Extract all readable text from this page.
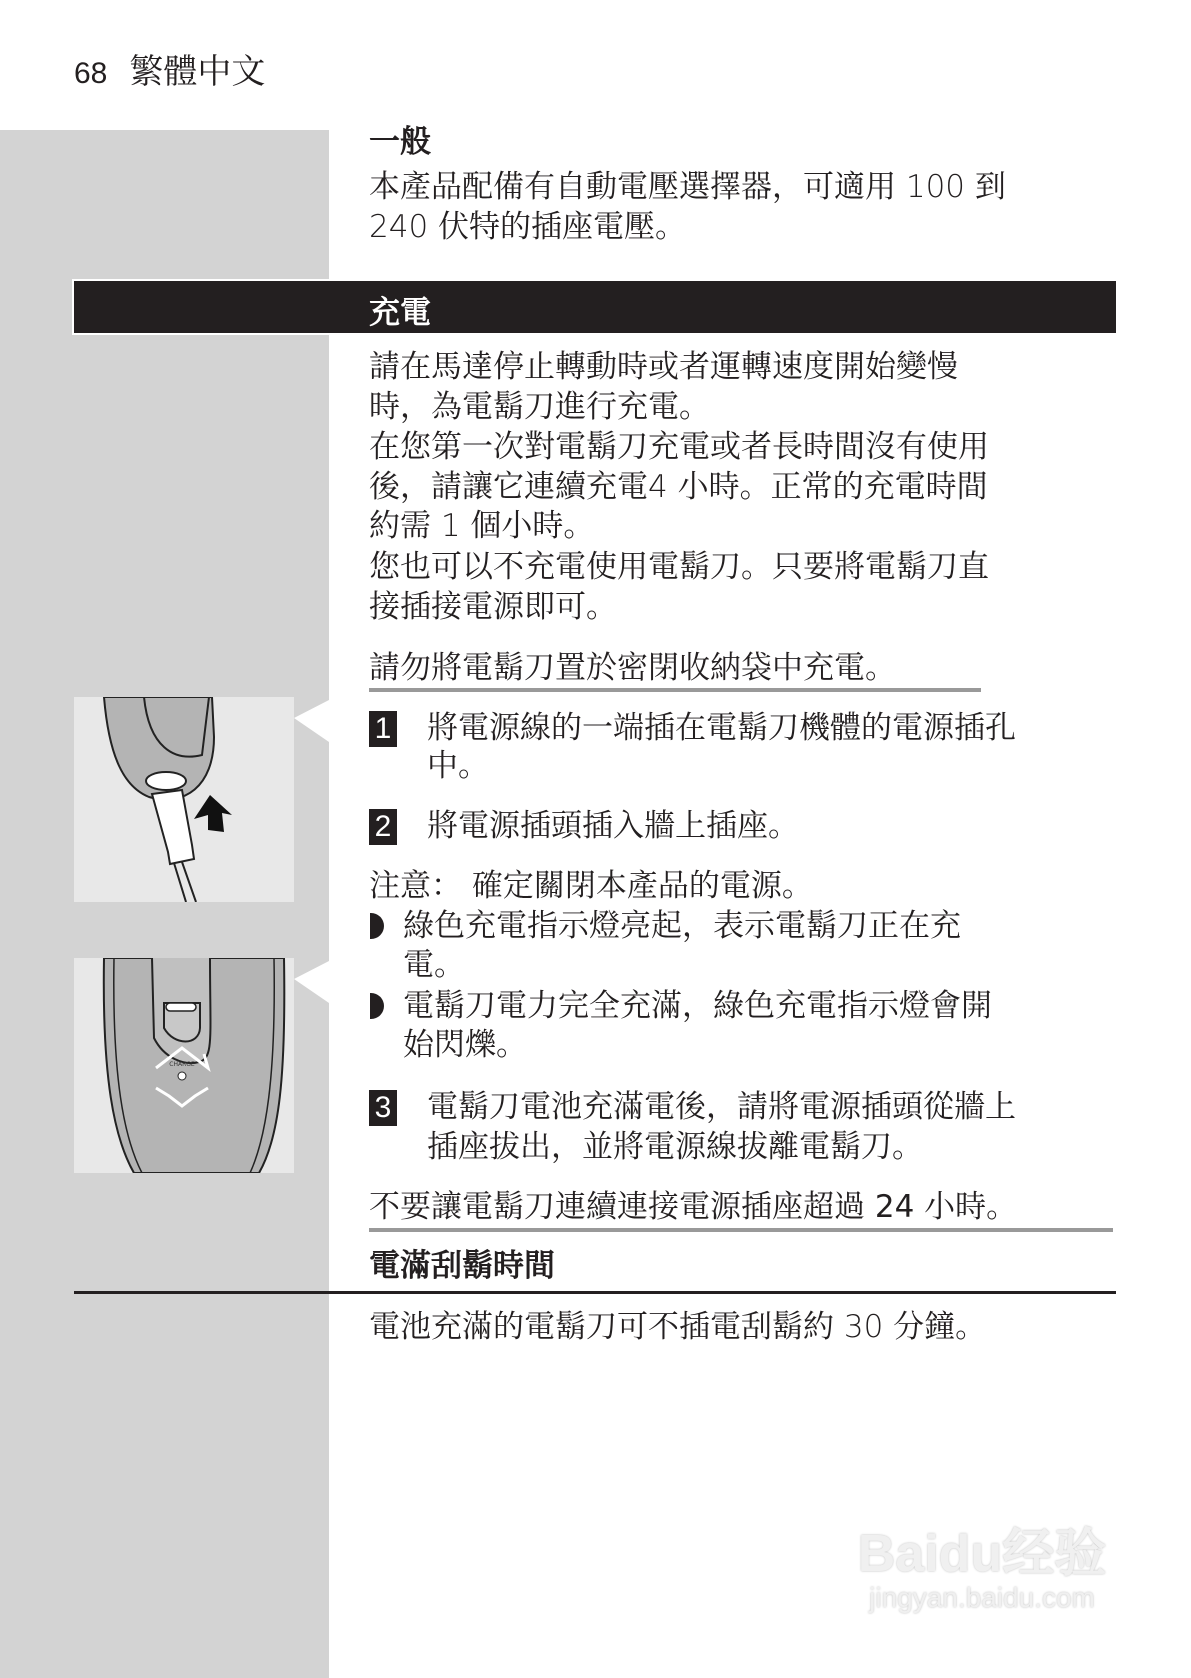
68 繁體中文
一般
本產品配備有自動電壓選擇器，可適用 100 到
240 伏特的插座電壓。
充電
請在馬達停止轉動時或者運轉速度開始變慢
時，為電鬍刀進行充電。
在您第一次對電鬍刀充電或者長時間沒有使用
後，請讓它連續充電4 小時。正常的充電時間
約需 1 個小時。
您也可以不充電使用電鬍刀。只要將電鬍刀直
接插接電源即可。
請勿將電鬍刀置於密閉收納袋中充電。
CHARGE
1 將電源線的一端插在電鬍刀機體的電源插孔
中。
2 將電源插頭插入牆上插座。
注意： 確定關閉本產品的電源。
綠色充電指示燈亮起，表示電鬍刀正在充
電。
電鬍刀電力完全充滿，綠色充電指示燈會開
始閃爍。
3 電鬍刀電池充滿電後，請將電源插頭從牆上
插座拔出，並將電源線拔離電鬍刀。
不要讓電鬍刀連續連接電源插座超過 24 小時。
電滿刮鬍時間
電池充滿的電鬍刀可不插電刮鬍約 30 分鐘。
Baidu经验
jingyan.baidu.com
